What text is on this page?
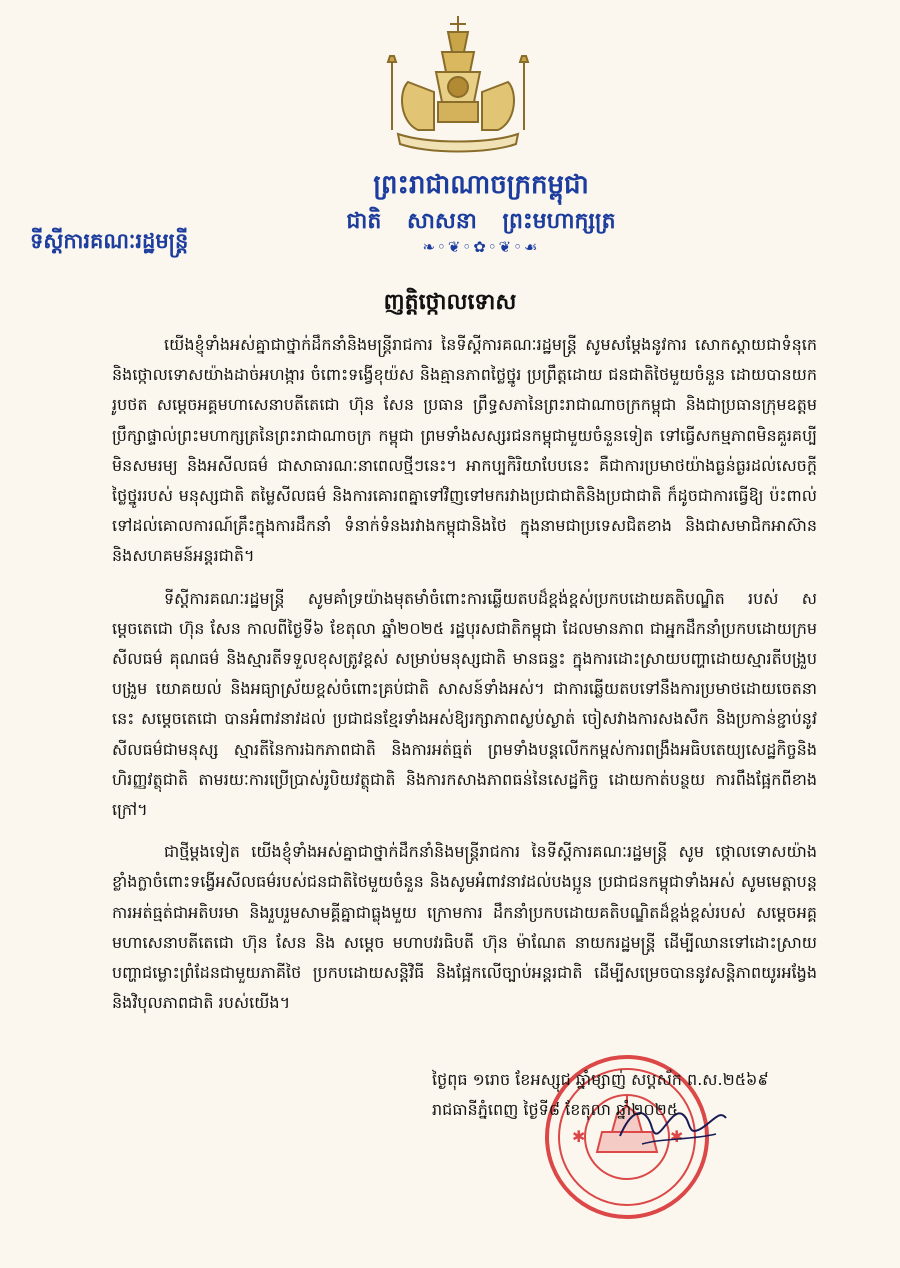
ព្រះរាជាណាចក្រកម្ពុជា
ជាតិ សាសនា ព្រះមហាក្សត្រ
❧◦❦◦✿◦❦◦☙
ទីស្តីការគណៈរដ្ឋមន្ត្រី
ញត្តិថ្កោលទោស

យើងខ្ញុំទាំងអស់គ្នាជាថ្នាក់ដឹកនាំនិងមន្ត្រីរាជការ នៃទីស្តីការគណៈរដ្ឋមន្ត្រី សូមសម្តែងនូវការ សោកស្តាយជាទំនុកេ និងថ្កោលទោសយ៉ាងដាច់អហង្ការ ចំពោះទង្វើខុយ៉ស និងគ្មានភាពថ្លៃថ្នូរ ប្រព្រឹត្តដោយ ជនជាតិថៃមួយចំនួន ដោយបានយករូបថត សម្តេចអគ្គមហាសេនាបតីតេជោ ហ៊ុន សែន ប្រធាន ព្រឹទ្ធសភានៃព្រះរាជាណាចក្រកម្ពុជា និងជាប្រធានក្រុមឧត្តមប្រឹក្សាផ្ទាល់ព្រះមហាក្សត្រនៃព្រះរាជាណាចក្រ កម្ពុជា ព្រមទាំងសស្សរជនកម្ពុជាមួយចំនួនទៀត ទៅធ្វើសកម្មភាពមិនគួរគប្បី មិនសមរម្យ និងអសីលធម៌ ជាសាធារណៈនាពេលថ្មីៗនេះ។ អាកប្បកិរិយាបែបនេះ គឺជាការប្រមាថយ៉ាងធ្ងន់ធ្ងរដល់សេចក្តីថ្លៃថ្នូររបស់ មនុស្សជាតិ តម្លៃសីលធម៌ និងការគោរពគ្នាទៅវិញទៅមករវាងប្រជាជាតិនិងប្រជាជាតិ ក៏ដូចជាការធ្វើឱ្យ ប៉ះពាល់ទៅដល់គោលការណ៍គ្រឹះក្នុងការដឹកនាំ ទំនាក់ទំនងរវាងកម្ពុជានិងថៃ ក្នុងនាមជាប្រទេសជិតខាង និងជាសមាជិកអាស៊ាន និងសហគមន៍អន្តរជាតិ។

ទីស្តីការគណៈរដ្ឋមន្ត្រី សូមគាំទ្រយ៉ាងមុតមាំចំពោះការឆ្លើយតបដ៏ខ្ពង់ខ្ពស់ប្រកបដោយគតិបណ្ឌិត របស់ សម្តេចតេជោ ហ៊ុន សែន កាលពីថ្ងៃទី៦ ខែតុលា ឆ្នាំ២០២៥ រដ្ឋបុរសជាតិកម្ពុជា ដែលមានភាព ជាអ្នកដឹកនាំប្រកបដោយក្រមសីលធម៌ គុណធម៌ និងស្មារតីទទួលខុសត្រូវខ្ពស់ សម្រាប់មនុស្សជាតិ មានធន្ទះ ក្នុងការដោះស្រាយបញ្ហាដោយស្មារតីបង្រួបបង្រួម យោគយល់ និងអធ្យាស្រ័យខ្ពស់ចំពោះគ្រប់ជាតិ សាសន៍ទាំងអស់។ ជាការឆ្លើយតបទៅនឹងការប្រមាថដោយចេតនានេះ សម្តេចតេជោ បានអំពាវនាវដល់ ប្រជាជនខ្មែរទាំងអស់ឱ្យរក្សាភាពស្ងប់ស្ងាត់ ចៀសវាងការសងសឹក និងប្រកាន់ខ្ជាប់នូវសីលធម៌ជាមនុស្ស ស្មារតីនៃការឯកភាពជាតិ និងការអត់ធ្មត់ ព្រមទាំងបន្តលើកកម្ពស់ការពង្រឹងអធិបតេយ្យសេដ្ឋកិច្ចនិង ហិរញ្ញវត្ថុជាតិ តាមរយៈការប្រើប្រាស់រូបិយវត្ថុជាតិ និងការកសាងភាពធន់នៃសេដ្ឋកិច្ច ដោយកាត់បន្ថយ ការពឹងផ្អែកពីខាងក្រៅ។

ជាថ្មីម្តងទៀត យើងខ្ញុំទាំងអស់គ្នាជាថ្នាក់ដឹកនាំនិងមន្ត្រីរាជការ នៃទីស្តីការគណៈរដ្ឋមន្ត្រី សូម ថ្កោលទោសយ៉ាងខ្លាំងក្លាចំពោះទង្វើអសីលធម៌របស់ជនជាតិថៃមួយចំនួន និងសូមអំពាវនាវដល់បងប្អូន ប្រជាជនកម្ពុជាទាំងអស់ សូមមេត្តាបន្តការអត់ធ្មត់ជាអតិបរមា និងរួបរួមសាមគ្គីគ្នាជាធ្លុងមួយ ក្រោមការ ដឹកនាំប្រកបដោយគតិបណ្ឌិតដ៏ខ្ពង់ខ្ពស់របស់ សម្តេចអគ្គមហាសេនាបតីតេជោ ហ៊ុន សែន និង សម្តេច មហាបវរធិបតី ហ៊ុន ម៉ាណែត នាយករដ្ឋមន្ត្រី ដើម្បីឈានទៅដោះស្រាយបញ្ហាជម្លោះព្រំដែនជាមួយភាគីថៃ ប្រកបដោយសន្តិវិធី និងផ្អែកលើច្បាប់អន្តរជាតិ ដើម្បីសម្រេចបាននូវសន្តិភាពយូរអង្វែងនិងវិបុលភាពជាតិ របស់យើង។

✱	✱
ថ្ងៃពុធ ១រោច ខែអស្សុជ ឆ្នាំម្សាញ់ សប្តស័ក ព.ស.២៥៦៩
រាជធានីភ្នំពេញ ថ្ងៃទី៨ ខែតុលា ឆ្នាំ២០២៥
